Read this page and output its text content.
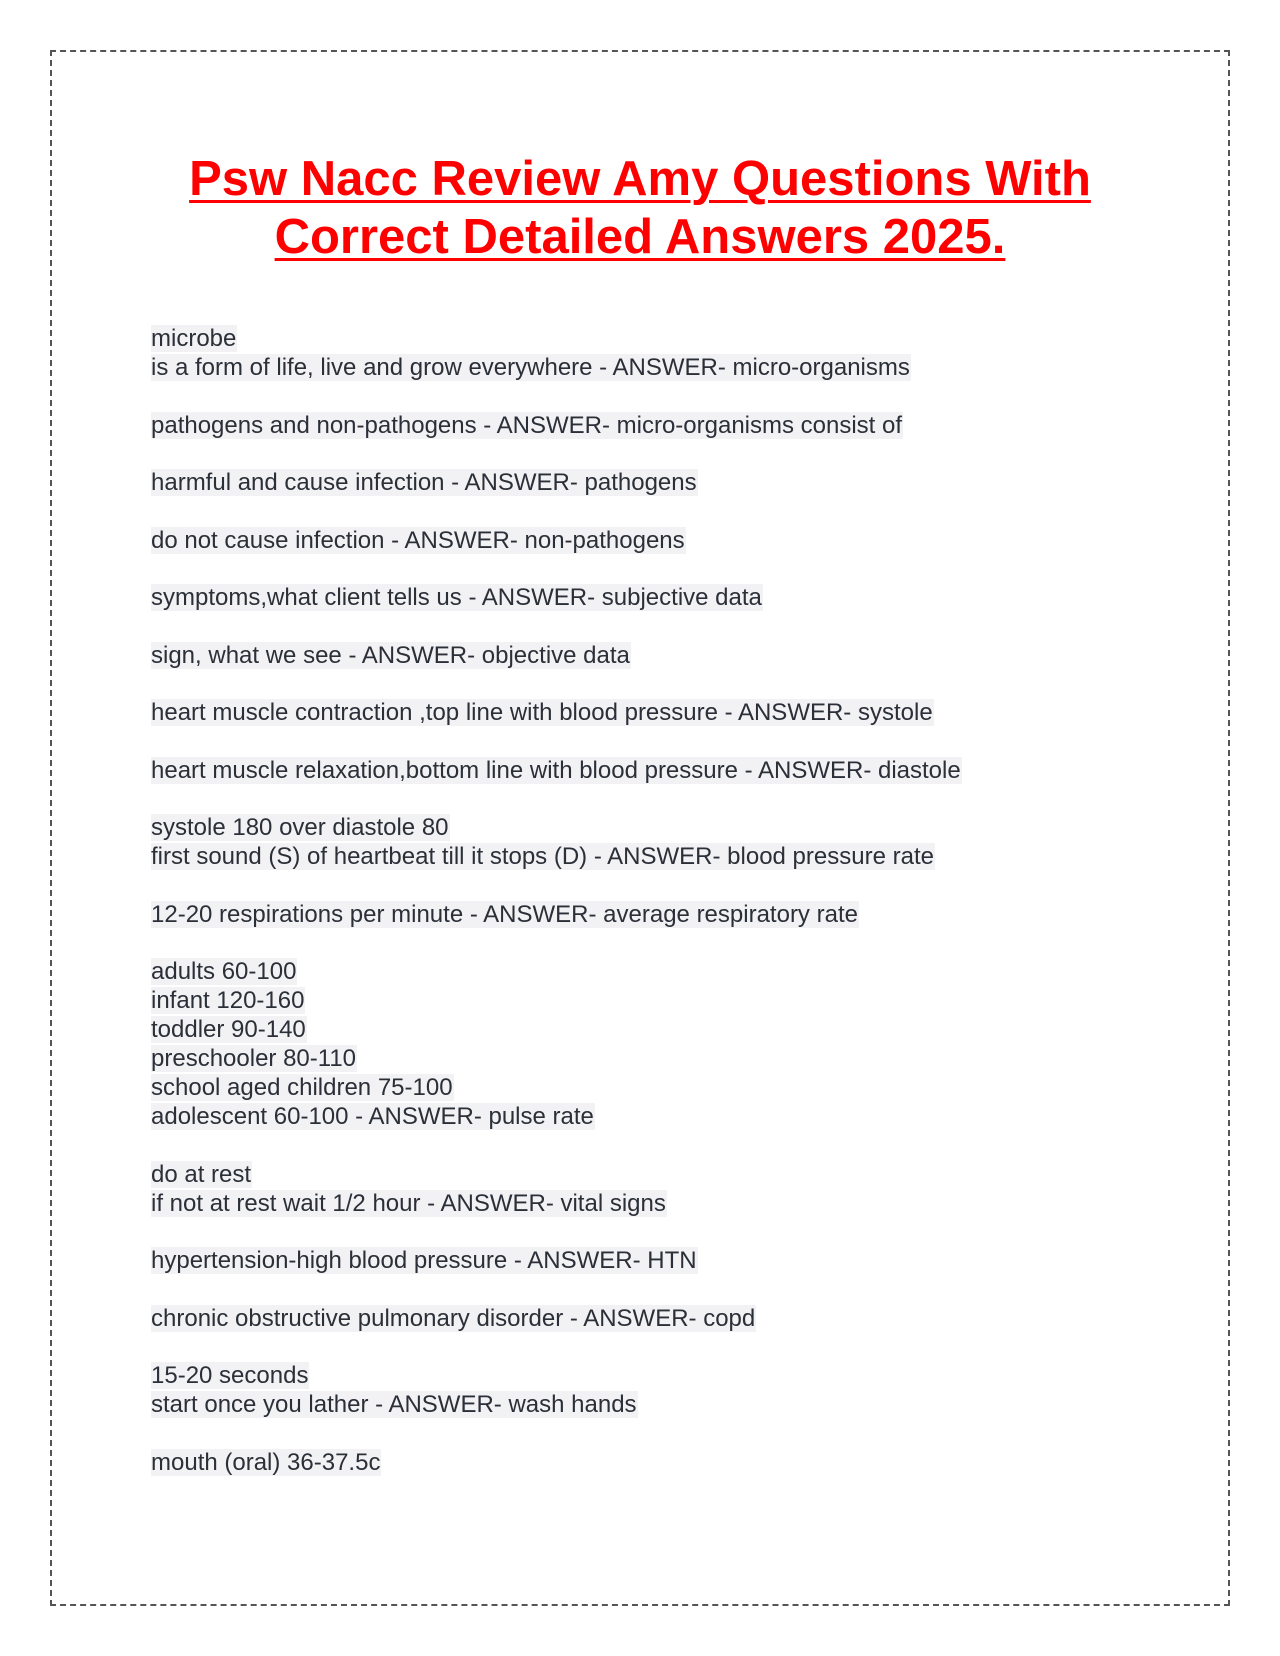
Psw Nacc Review Amy Questions With
Correct Detailed Answers 2025.
microbe
is a form of life, live and grow everywhere - ANSWER- micro-organisms
pathogens and non-pathogens - ANSWER- micro-organisms consist of
harmful and cause infection - ANSWER- pathogens
do not cause infection - ANSWER- non-pathogens
symptoms,what client tells us - ANSWER- subjective data
sign, what we see - ANSWER- objective data
heart muscle contraction ,top line with blood pressure - ANSWER- systole
heart muscle relaxation,bottom line with blood pressure - ANSWER- diastole
systole 180 over diastole 80
first sound (S) of heartbeat till it stops (D) - ANSWER- blood pressure rate
12-20 respirations per minute - ANSWER- average respiratory rate
adults 60-100
infant 120-160
toddler 90-140
preschooler 80-110
school aged children 75-100
adolescent 60-100 - ANSWER- pulse rate
do at rest
if not at rest wait 1/2 hour - ANSWER- vital signs
hypertension-high blood pressure - ANSWER- HTN
chronic obstructive pulmonary disorder - ANSWER- copd
15-20 seconds
start once you lather - ANSWER- wash hands
mouth (oral) 36-37.5c
